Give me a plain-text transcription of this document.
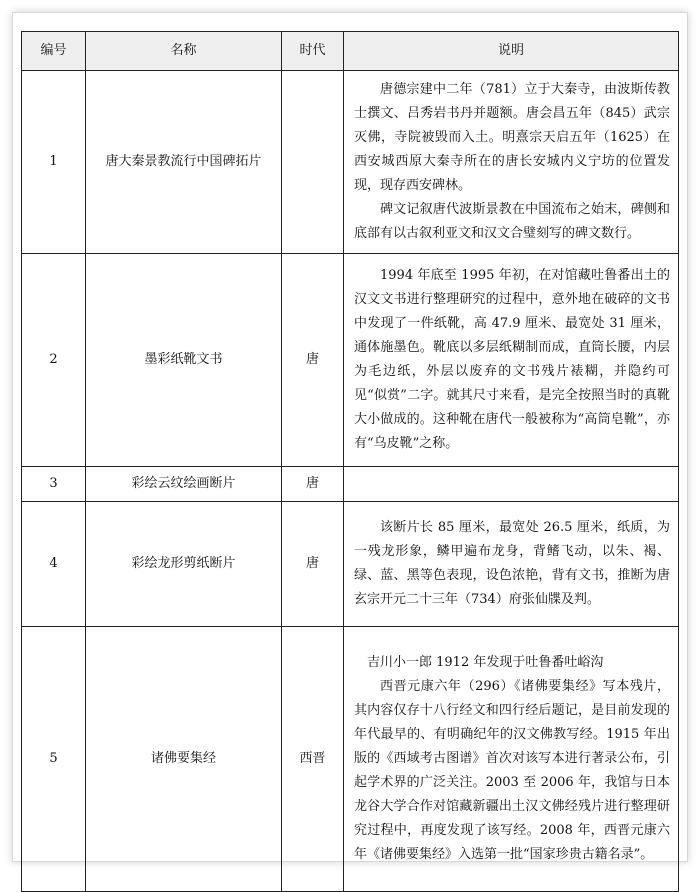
编号	名称	时代	说明
1	唐大秦景教流行中国碑拓片		唐德宗建中二年（781）立于大秦寺，由波斯传教士撰文、吕秀岩书丹并题额。唐会昌五年（845）武宗灭佛，寺院被毁而入土。明熹宗天启五年（1625）在西安城西原大秦寺所在的唐长安城内义宁坊的位置发现，现存西安碑林。

碑文记叙唐代波斯景教在中国流布之始末，碑侧和底部有以古叙利亚文和汉文合璧刻写的碑文数行。

2	墨彩纸靴文书	唐	1994 年底至 1995 年初，在对馆藏吐鲁番出土的汉文文书进行整理研究的过程中，意外地在破碎的文书中发现了一件纸靴，高 47.9 厘米、最宽处 31 厘米，通体施墨色。靴底以多层纸糊制而成，直筒长腰，内层为毛边纸，外层以废弃的文书残片裱糊，并隐约可见“似赏”二字。就其尺寸来看，是完全按照当时的真靴大小做成的。这种靴在唐代一般被称为“高筒皂靴”，亦有“乌皮靴”之称。

3	彩绘云纹绘画断片	唐	
4	彩绘龙形剪纸断片	唐	该断片长 85 厘米，最宽处 26.5 厘米，纸质，为一残龙形象，鳞甲遍布龙身，背鳍飞动，以朱、褐、绿、蓝、黑等色表现，设色浓艳，背有文书，推断为唐玄宗开元二十三年（734）府张仙牒及判。

5	诸佛要集经	西晋	吉川小一郎 1912 年发现于吐鲁番吐峪沟

西晋元康六年（296）《诸佛要集经》写本残片，其内容仅存十八行经文和四行经后题记，是目前发现的年代最早的、有明确纪年的汉文佛教写经。1915 年出版的《西域考古图谱》首次对该写本进行著录公布，引起学术界的广泛关注。2003 至 2006 年，我馆与日本龙谷大学合作对馆藏新疆出土汉文佛经残片进行整理研究过程中，再度发现了该写经。2008 年，西晋元康六年《诸佛要集经》入选第一批“国家珍贵古籍名录”。
